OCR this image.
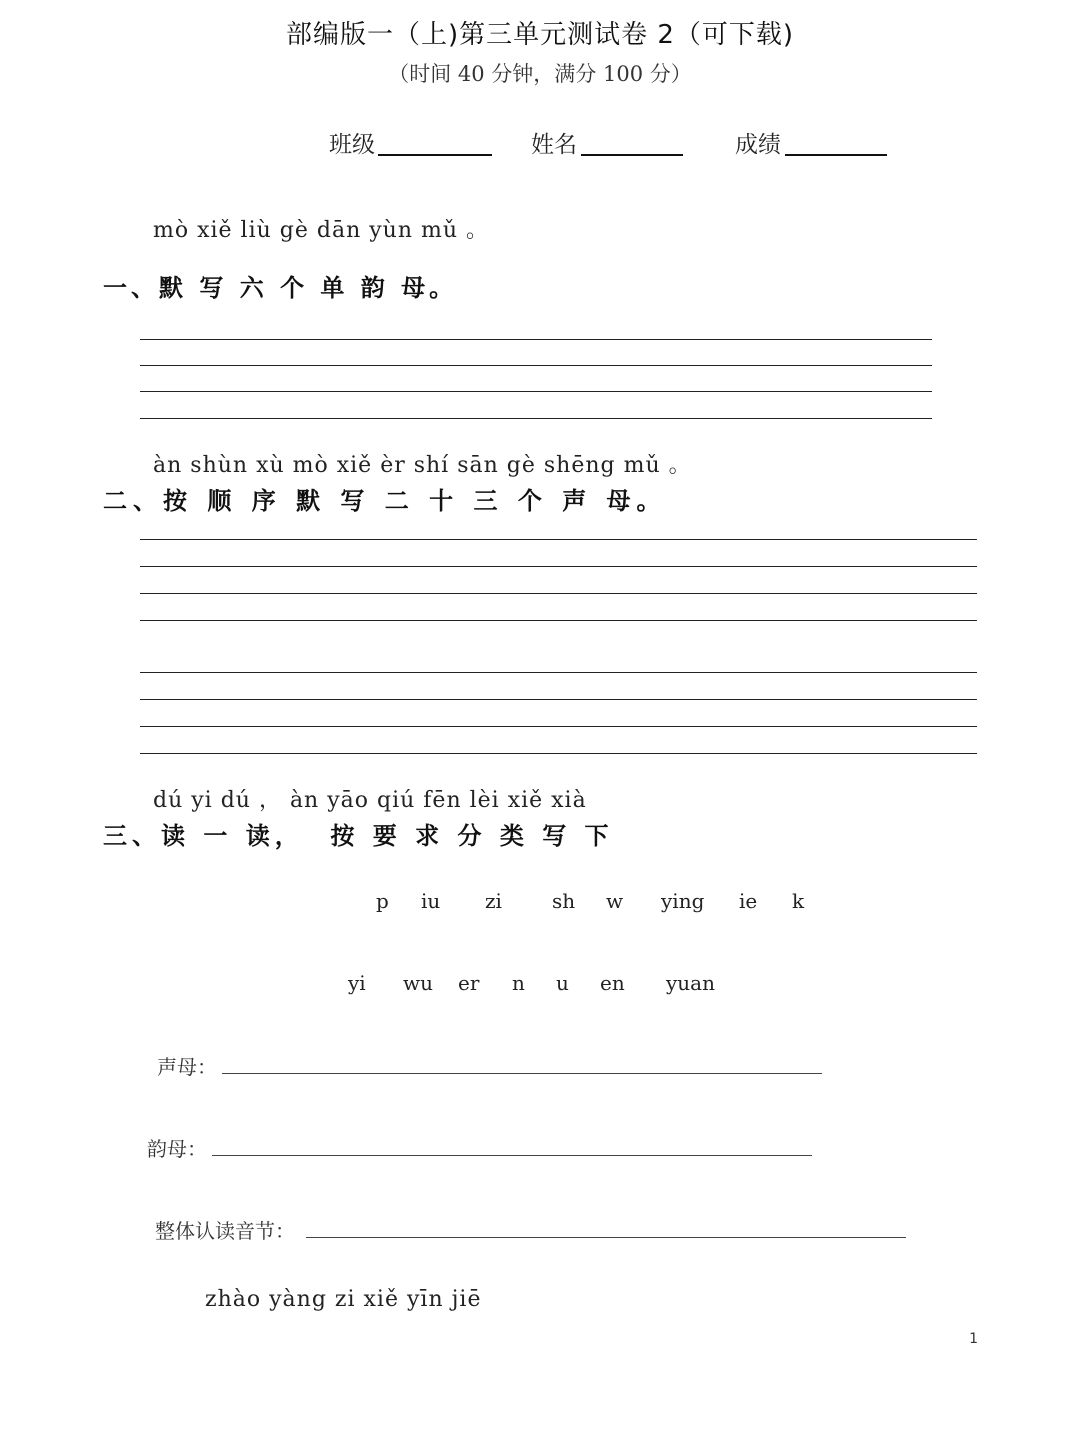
部编版一（上)第三单元测试卷 2（可下载)
（时间 40 分钟，满分 100 分）
班级	姓名	成绩
mò xiě liù gè dān yùn mǔ 。
一、默 写 六 个 单 韵 母。
àn shùn xù mò xiě èr shí sān gè shēng mǔ 。
二、按 顺 序 默 写 二 十 三 个 声 母。
dú yi dú ， àn yāo qiú fēn lèi xiě xià
三、读 一 读，  按 要 求 分 类 写 下
p iu zi	sh w ying ie k
yi wu er n u en yuan
声母：
韵母：
整体认读音节：
zhào yàng zi xiě yīn jiē
1
